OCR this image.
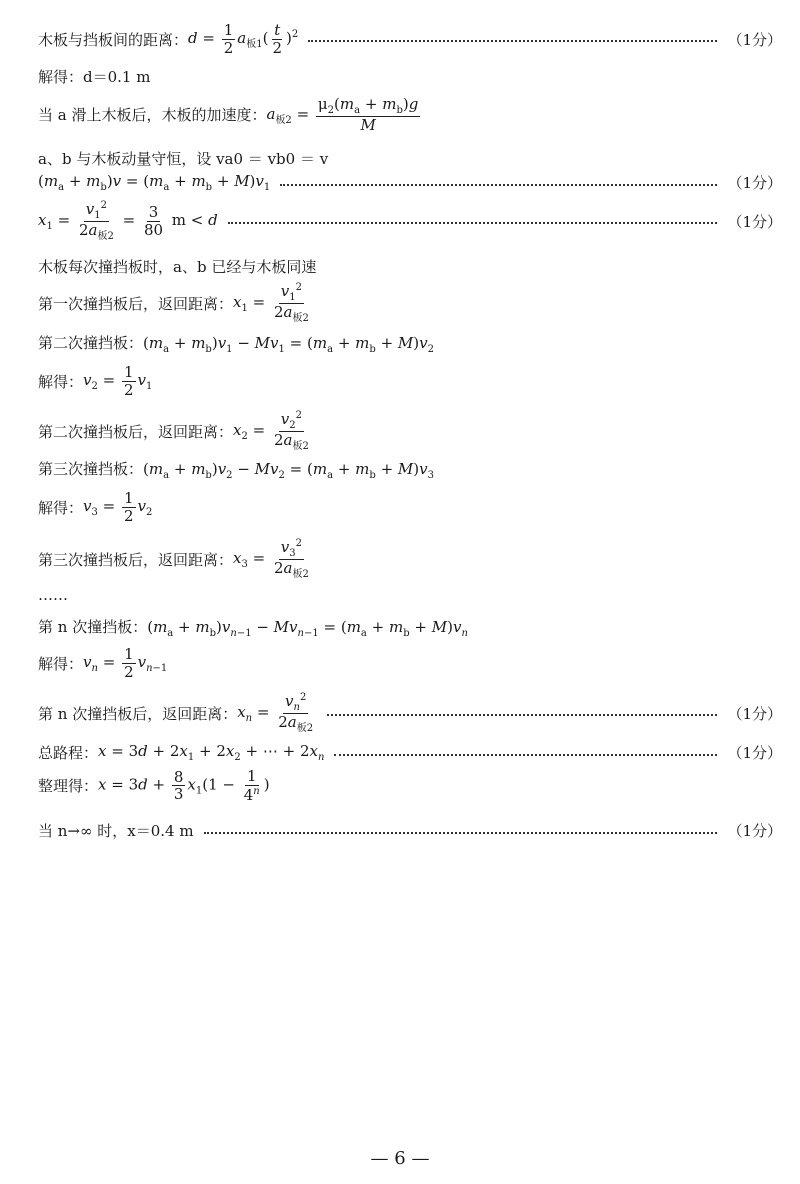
木板与挡板间的距离： $d = \frac{1}{2} a_{板1}( \frac{t}{2} )^2$	（1分）
解得：d＝0.1 m
当 a 滑上木板后，木板的加速度： $a_{板2} = \frac{\mu_2(m_a + m_b)g}{M}$
a、b 与木板动量守恒，设 va0 ＝ vb0 ＝ v
$(m_a + m_b)v = (m_a + m_b + M)v_1$	（1分）
$x_1 = \frac{v_1^2}{2a_{板2}} = \frac{3}{80}$ m < d	（1分）
木板每次撞挡板时，a、b 已经与木板同速
第一次撞挡板后，返回距离： $x_1 = \frac{v_1^2}{2a_{板2}}$
第二次撞挡板：$(m_a + m_b)v_1 - Mv_1 = (m_a + m_b + M)v_2$
解得： $v_2 = \frac{1}{2} v_1$
第二次撞挡板后，返回距离： $x_2 = \frac{v_2^2}{2a_{板2}}$
第三次撞挡板：$(m_a + m_b)v_2 - Mv_2 = (m_a + m_b + M)v_3$
解得： $v_3 = \frac{1}{2} v_2$
第三次撞挡板后，返回距离： $x_3 = \frac{v_3^2}{2a_{板2}}$
……
第 n 次撞挡板：$(m_a + m_b)v_{n-1} - Mv_{n-1} = (m_a + m_b + M)v_n$
解得： $v_n = \frac{1}{2} v_{n-1}$
第 n 次撞挡板后，返回距离： $x_n = \frac{v_n^2}{2a_{板2}}$	（1分）
总路程： $x = 3d + 2x_1 + 2x_2$ + ⋯ + $2x_n$	（1分）
整理得： $x = 3d + \frac{8}{3} x_1(1 - \frac{1}{4^n}$ )
当 n→∞ 时，x＝0.4 m	（1分）
— 6 —
